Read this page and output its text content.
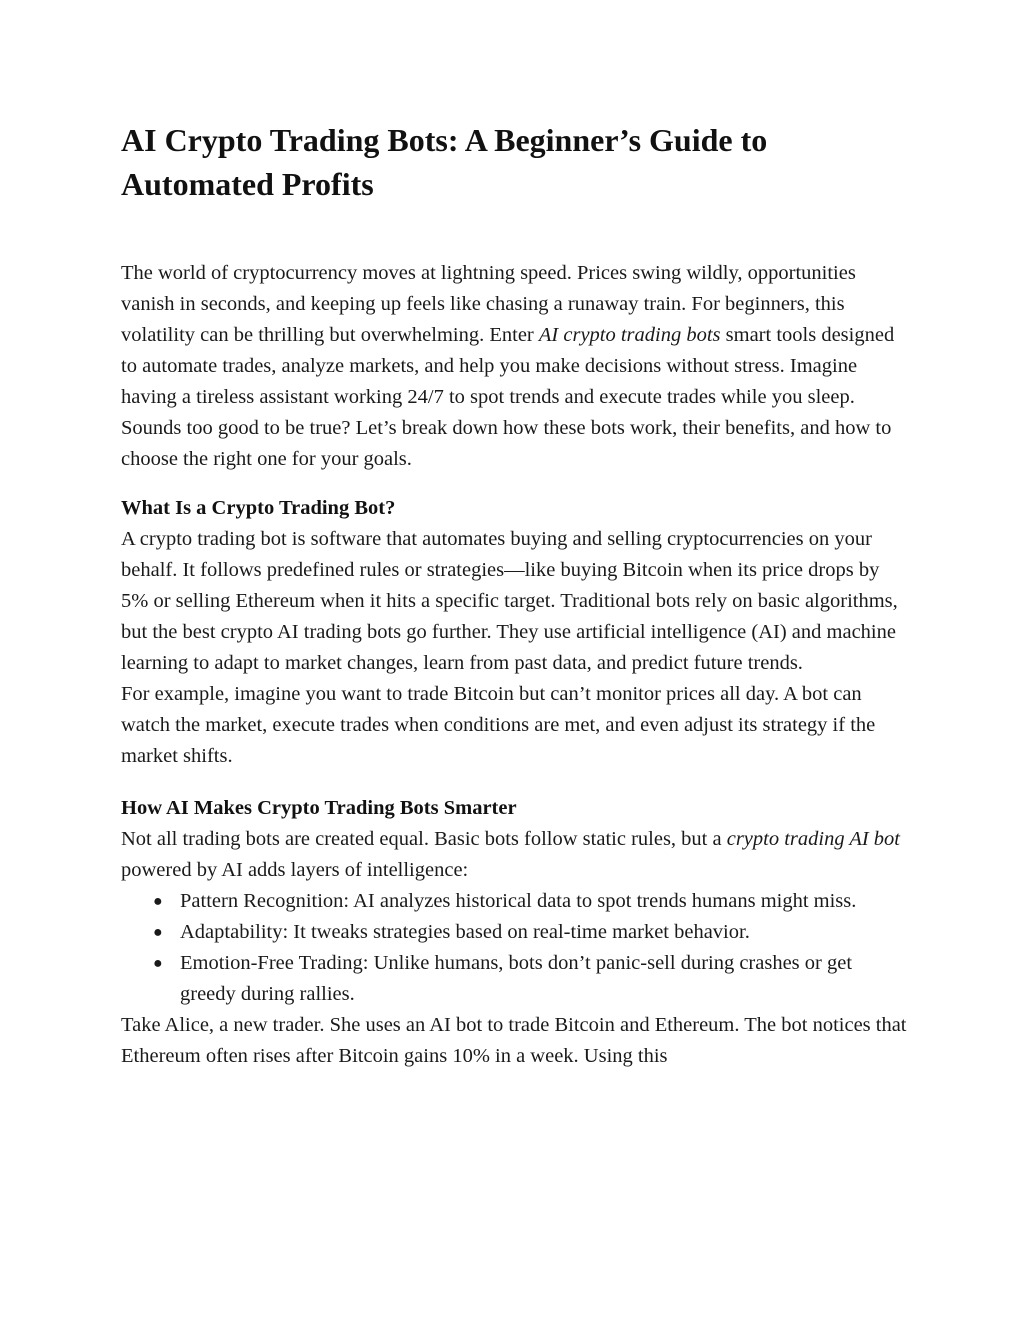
AI Crypto Trading Bots: A Beginner’s Guide to Automated Profits

The world of cryptocurrency moves at lightning speed. Prices swing wildly, opportunities vanish in seconds, and keeping up feels like chasing a runaway train. For beginners, this volatility can be thrilling but overwhelming. Enter AI crypto trading bots smart tools designed to automate trades, analyze markets, and help you make decisions without stress. Imagine having a tireless assistant working 24/7 to spot trends and execute trades while you sleep. Sounds too good to be true? Let’s break down how these bots work, their benefits, and how to choose the right one for your goals.

What Is a Crypto Trading Bot?

A crypto trading bot is software that automates buying and selling cryptocurrencies on your behalf. It follows predefined rules or strategies—like buying Bitcoin when its price drops by 5% or selling Ethereum when it hits a specific target. Traditional bots rely on basic algorithms, but the best crypto AI trading bots go further. They use artificial intelligence (AI) and machine learning to adapt to market changes, learn from past data, and predict future trends.

For example, imagine you want to trade Bitcoin but can’t monitor prices all day. A bot can watch the market, execute trades when conditions are met, and even adjust its strategy if the market shifts.

How AI Makes Crypto Trading Bots Smarter

Not all trading bots are created equal. Basic bots follow static rules, but a crypto trading AI bot powered by AI adds layers of intelligence:

● Pattern Recognition: AI analyzes historical data to spot trends humans might miss.
● Adaptability: It tweaks strategies based on real-time market behavior.
● Emotion-Free Trading: Unlike humans, bots don’t panic-sell during crashes or get greedy during rallies.

Take Alice, a new trader. She uses an AI bot to trade Bitcoin and Ethereum. The bot notices that Ethereum often rises after Bitcoin gains 10% in a week. Using this
